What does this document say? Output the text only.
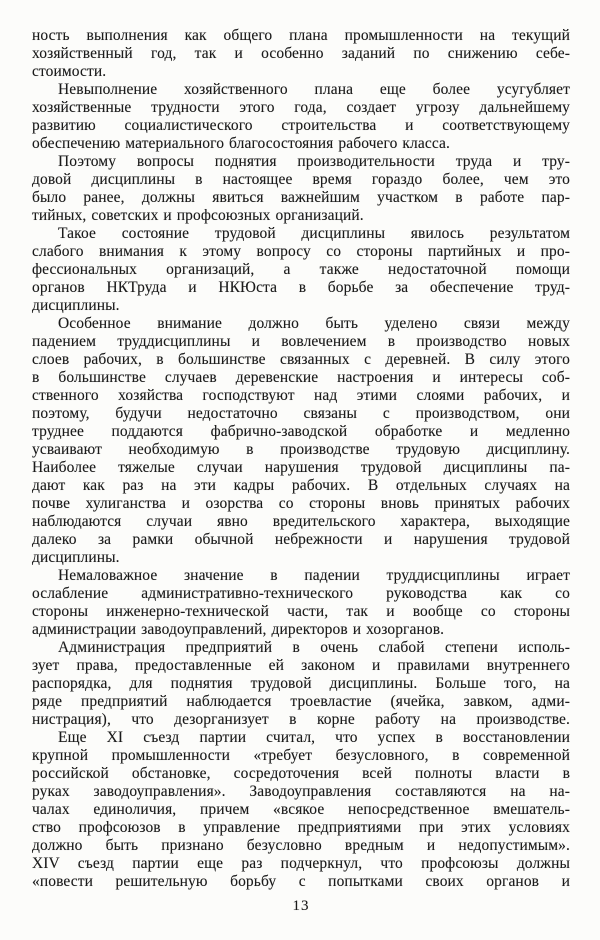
ность выполнения как общего плана промышленности на текущий
хозяйственный год, так и особенно заданий по снижению себе-
стоимости.
Невыполнение хозяйственного плана еще более усугубляет
хозяйственные трудности этого года, создает угрозу дальнейшему
развитию социалистического строительства и соответствующему
обеспечению материального благосостояния рабочего класса.
Поэтому вопросы поднятия производительности труда и тру-
довой дисциплины в настоящее время гораздо более, чем это
было ранее, должны явиться важнейшим участком в работе пар-
тийных, советских и профсоюзных организаций.
Такое состояние трудовой дисциплины явилось результатом
слабого внимания к этому вопросу со стороны партийных и про-
фессиональных организаций, а также недостаточной помощи
органов НКТруда и НКЮста в борьбе за обеспечение труд-
дисциплины.
Особенное внимание должно быть уделено связи между
падением труддисциплины и вовлечением в производство новых
слоев рабочих, в большинстве связанных с деревней. В силу этого
в большинстве случаев деревенские настроения и интересы соб-
ственного хозяйства господствуют над этими слоями рабочих, и
поэтому, будучи недостаточно связаны с производством, они
труднее поддаются фабрично-заводской обработке и медленно
усваивают необходимую в производстве трудовую дисциплину.
Наиболее тяжелые случаи нарушения трудовой дисциплины па-
дают как раз на эти кадры рабочих. В отдельных случаях на
почве хулиганства и озорства со стороны вновь принятых рабочих
наблюдаются случаи явно вредительского характера, выходящие
далеко за рамки обычной небрежности и нарушения трудовой
дисциплины.
Немаловажное значение в падении труддисциплины играет
ослабление административно-технического руководства как со
стороны инженерно-технической части, так и вообще со стороны
администрации заводоуправлений, директоров и хозорганов.
Администрация предприятий в очень слабой степени исполь-
зует права, предоставленные ей законом и правилами внутреннего
распорядка, для поднятия трудовой дисциплины. Больше того, на
ряде предприятий наблюдается троевластие (ячейка, завком, адми-
нистрация), что дезорганизует в корне работу на производстве.
Еще XI съезд партии считал, что успех в восстановлении
крупной промышленности «требует безусловного, в современной
российской обстановке, сосредоточения всей полноты власти в
руках заводоуправления». Заводоуправления составляются на на-
чалах единоличия, причем «всякое непосредственное вмешатель-
ство профсоюзов в управление предприятиями при этих условиях
должно быть признано безусловно вредным и недопустимым».
XIV съезд партии еще раз подчеркнул, что профсоюзы должны
«повести решительную борьбу с попытками своих органов и
13
